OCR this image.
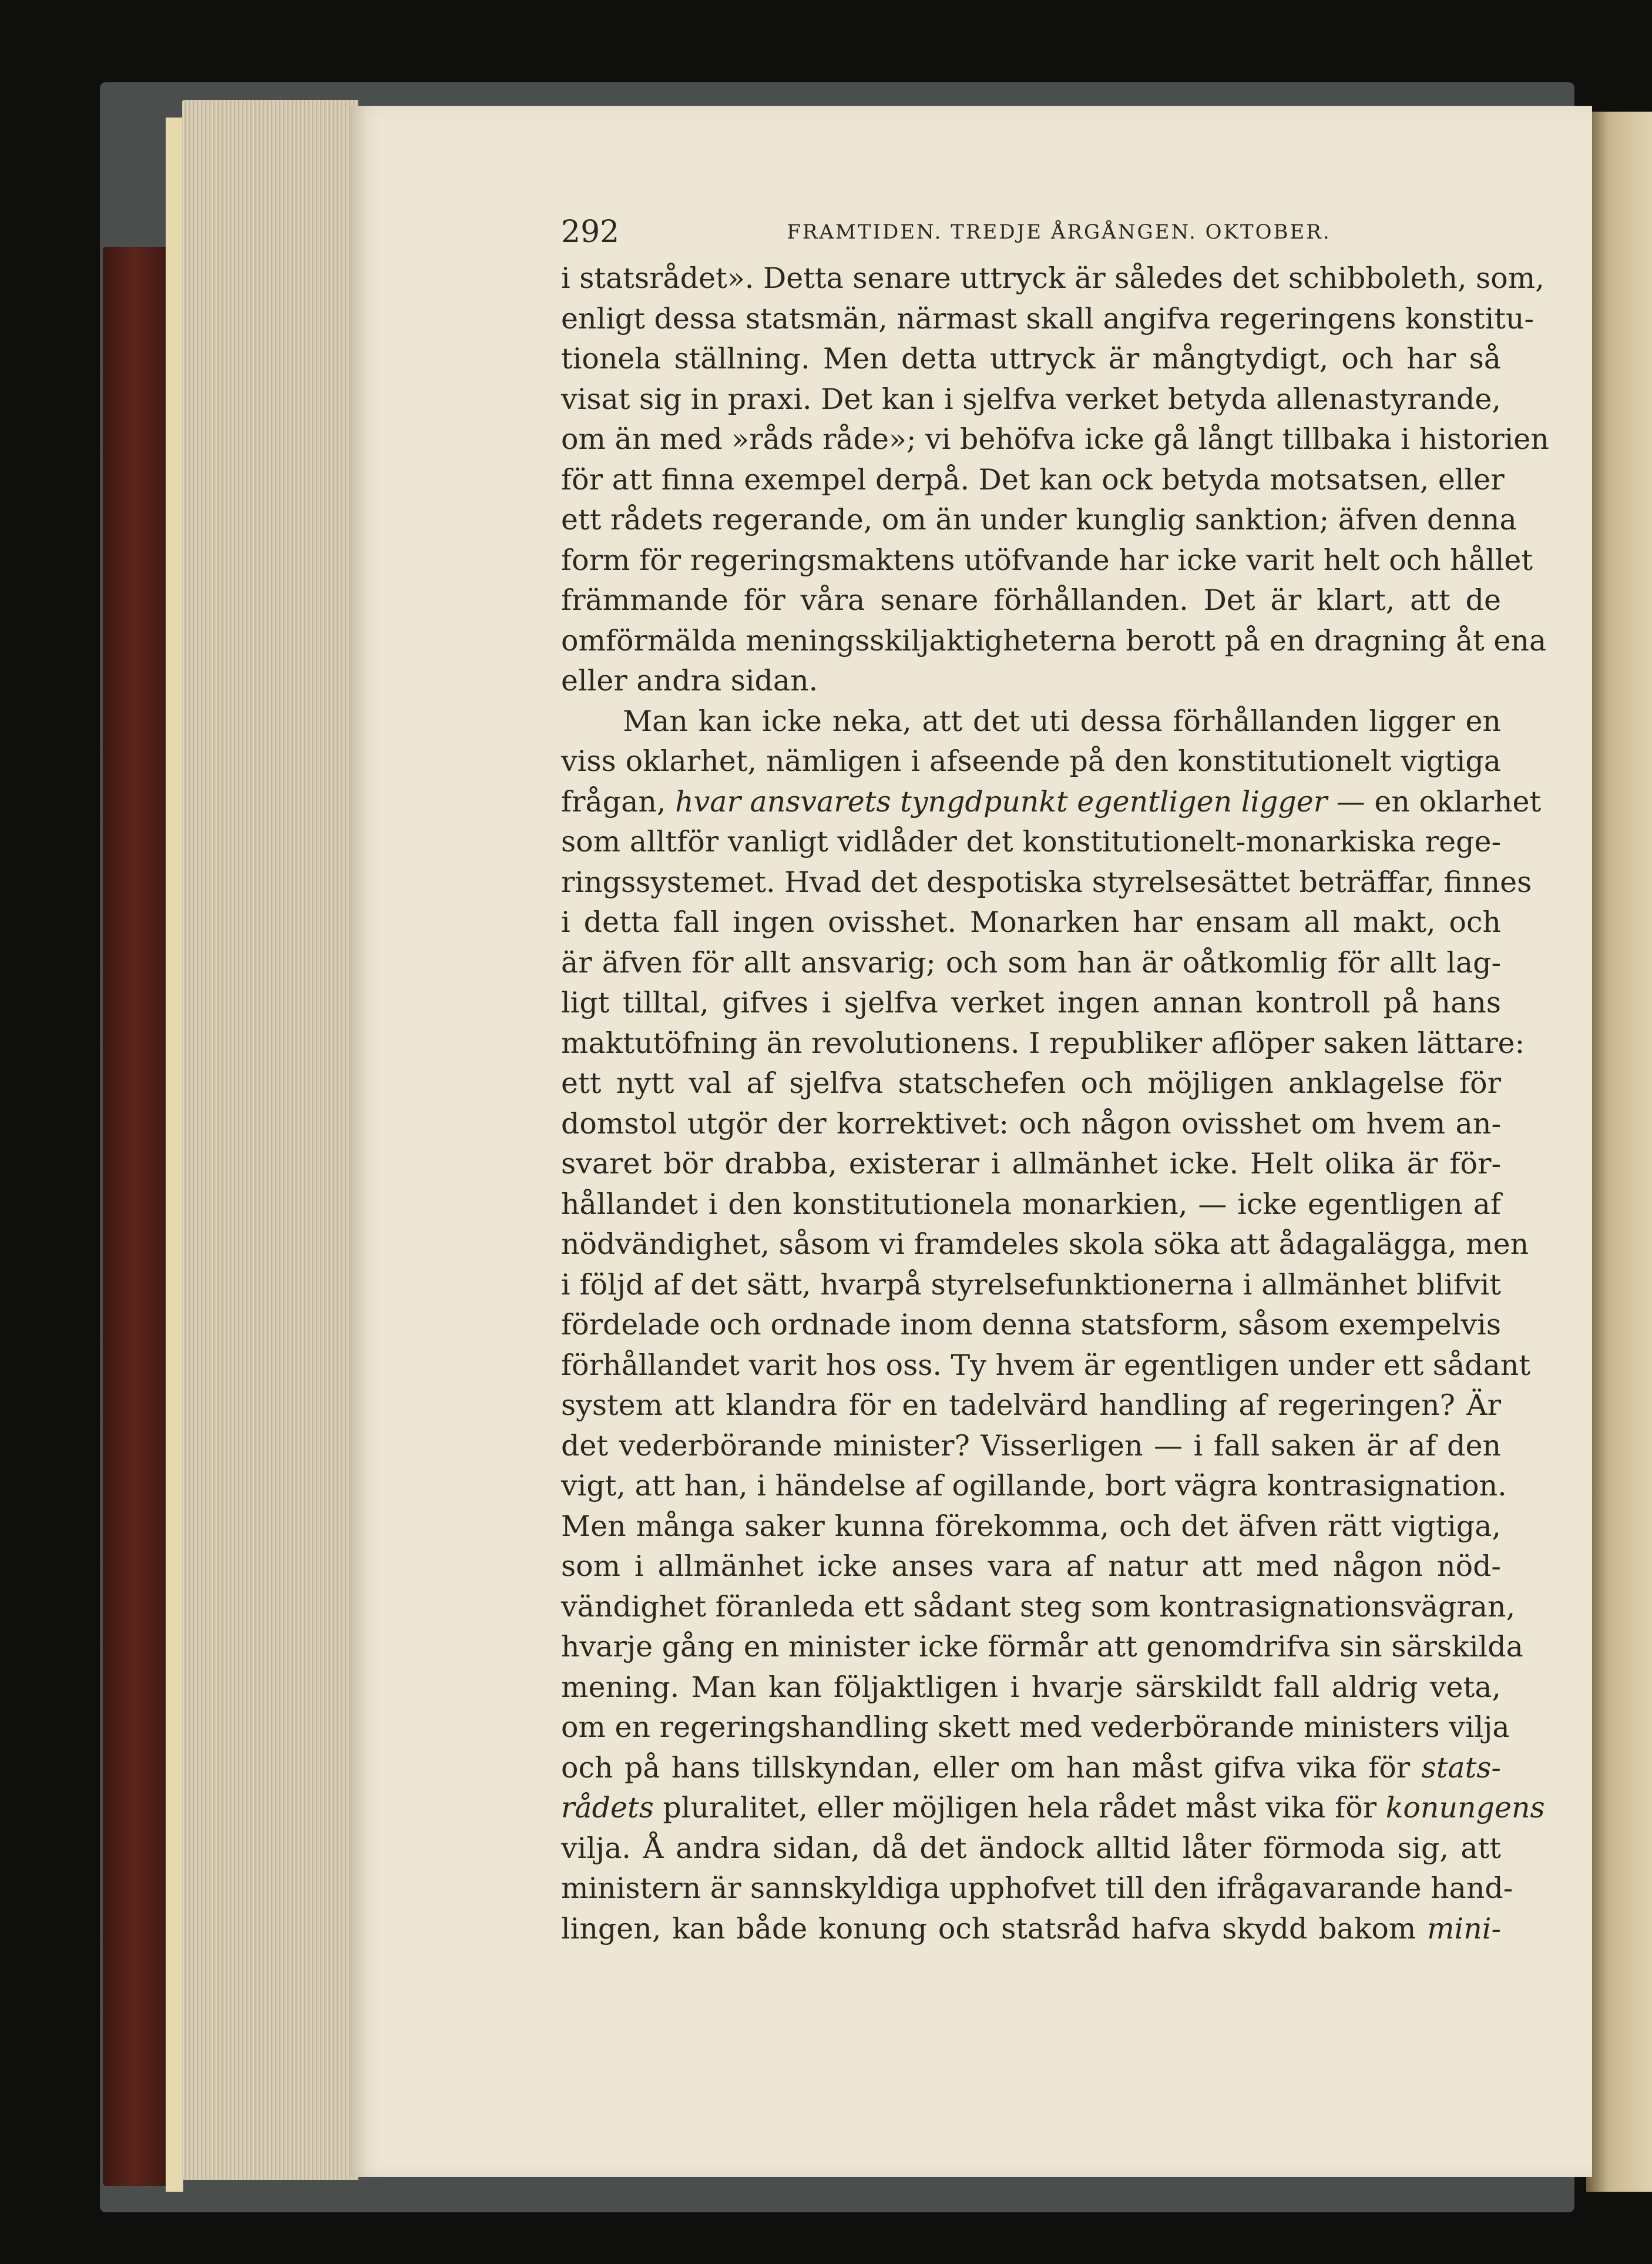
292	FRAMTIDEN. TREDJE ÅRGÅNGEN. OKTOBER.
i statsrådet». Detta senare uttryck är således det schibboleth, som,
enligt dessa statsmän, närmast skall angifva regeringens konstitu-
tionela ställning. Men detta uttryck är mångtydigt, och har så
visat sig in praxi. Det kan i sjelfva verket betyda allenastyrande,
om än med »råds råde»; vi behöfva icke gå långt tillbaka i historien
för att finna exempel derpå. Det kan ock betyda motsatsen, eller
ett rådets regerande, om än under kunglig sanktion; äfven denna
form för regeringsmaktens utöfvande har icke varit helt och hållet
främmande för våra senare förhållanden. Det är klart, att de
omförmälda meningsskiljaktigheterna berott på en dragning åt ena
eller andra sidan.
Man kan icke neka, att det uti dessa förhållanden ligger en
viss oklarhet, nämligen i afseende på den konstitutionelt vigtiga
frågan, hvar ansvarets tyngdpunkt egentligen ligger — en oklarhet
som alltför vanligt vidlåder det konstitutionelt-monarkiska rege-
ringssystemet. Hvad det despotiska styrelsesättet beträffar, finnes
i detta fall ingen ovisshet. Monarken har ensam all makt, och
är äfven för allt ansvarig; och som han är oåtkomlig för allt lag-
ligt tilltal, gifves i sjelfva verket ingen annan kontroll på hans
maktutöfning än revolutionens. I republiker aflöper saken lättare:
ett nytt val af sjelfva statschefen och möjligen anklagelse för
domstol utgör der korrektivet: och någon ovisshet om hvem an-
svaret bör drabba, existerar i allmänhet icke. Helt olika är för-
hållandet i den konstitutionela monarkien, — icke egentligen af
nödvändighet, såsom vi framdeles skola söka att ådagalägga, men
i följd af det sätt, hvarpå styrelsefunktionerna i allmänhet blifvit
fördelade och ordnade inom denna statsform, såsom exempelvis
förhållandet varit hos oss. Ty hvem är egentligen under ett sådant
system att klandra för en tadelvärd handling af regeringen? Är
det vederbörande minister? Visserligen — i fall saken är af den
vigt, att han, i händelse af ogillande, bort vägra kontrasignation.
Men många saker kunna förekomma, och det äfven rätt vigtiga,
som i allmänhet icke anses vara af natur att med någon nöd-
vändighet föranleda ett sådant steg som kontrasignationsvägran,
hvarje gång en minister icke förmår att genomdrifva sin särskilda
mening. Man kan följaktligen i hvarje särskildt fall aldrig veta,
om en regeringshandling skett med vederbörande ministers vilja
och på hans tillskyndan, eller om han måst gifva vika för stats-
rådets pluralitet, eller möjligen hela rådet måst vika för konungens
vilja. Å andra sidan, då det ändock alltid låter förmoda sig, att
ministern är sannskyldiga upphofvet till den ifrågavarande hand-
lingen, kan både konung och statsråd hafva skydd bakom mini-
